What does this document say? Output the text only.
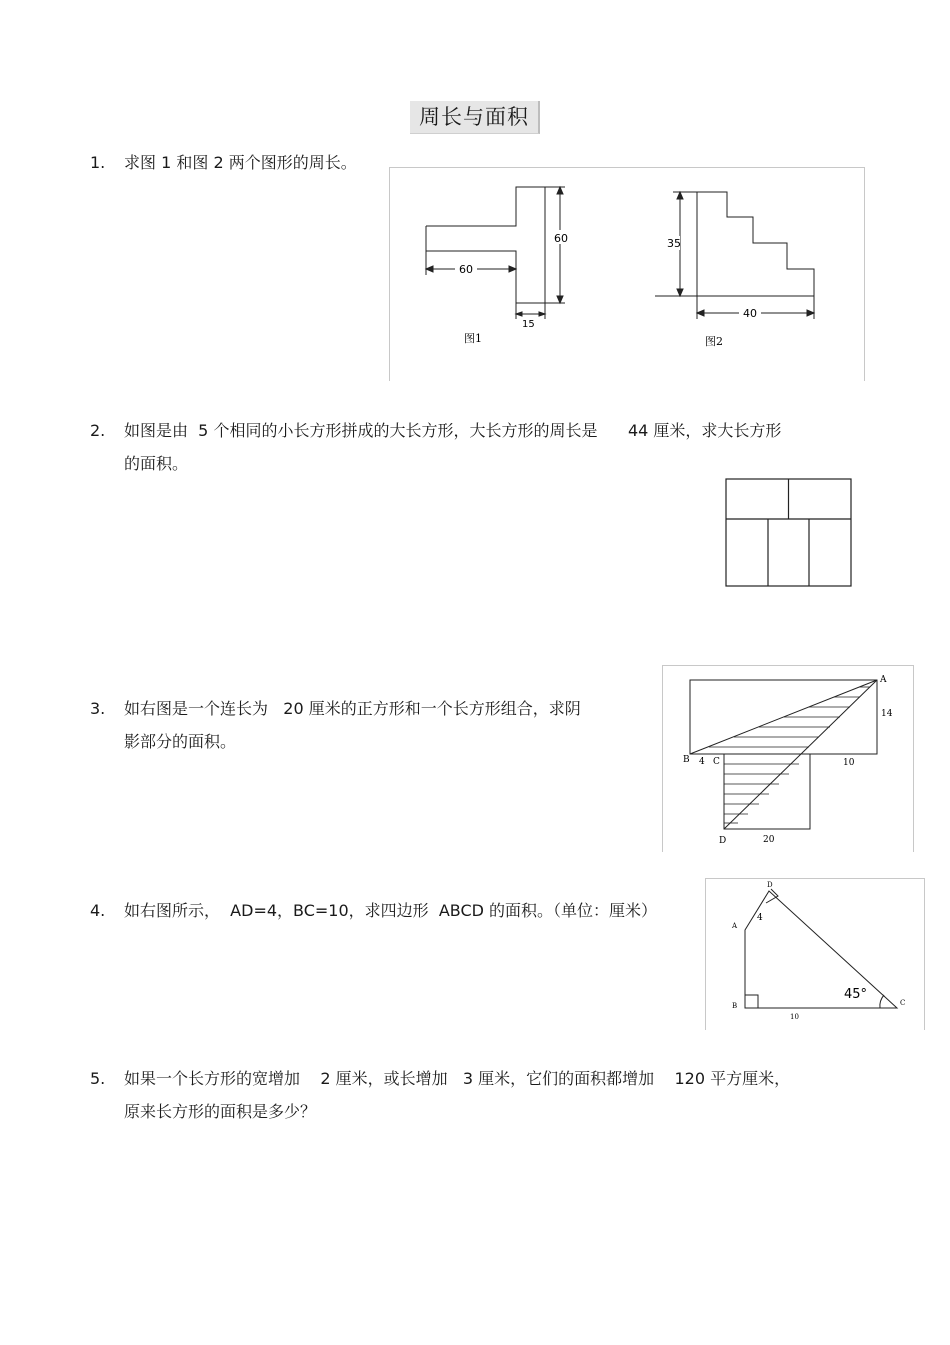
周长与面积
1. 求图 1 和图 2 两个图形的周长。
60
60
15
图1
35
40
图2
2. 如图是由  5 个相同的小长方形拼成的大长方形，大长方形的周长是      44 厘米，求大长方形
的面积。
3. 如右图是一个连长为   20 厘米的正方形和一个长方形组合，求阴
影部分的面积。
A
14
B 4 C	10
D	20
4. 如右图所示，  AD=4，BC=10，求四边形  ABCD 的面积。（单位：厘米）
D
4
A
45°
B	C
10
5. 如果一个长方形的宽增加    2 厘米，或长增加   3 厘米，它们的面积都增加    120 平方厘米，
原来长方形的面积是多少？
